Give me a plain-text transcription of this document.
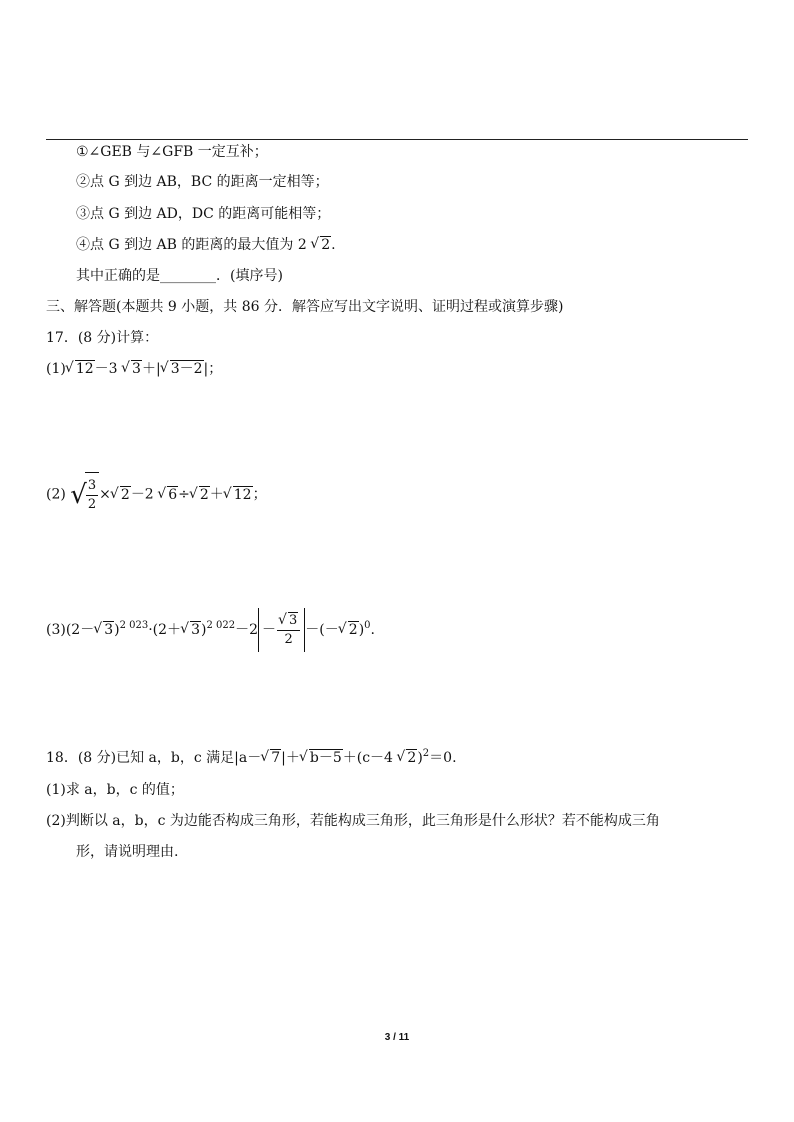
①∠GEB 与∠GFB 一定互补；
②点 G 到边 AB，BC 的距离一定相等；
③点 G 到边 AD，DC 的距离可能相等；
④点 G 到边 AB 的距离的最大值为 2 √ 2.
其中正确的是________．(填序号)
三、解答题(本题共 9 小题，共 86 分．解答应写出文字说明、证明过程或演算步骤)
17．(8 分)计算：
(1) √ 12－3 √ 3＋| √ 3－2|；
(2) √ $\frac{3}{2}$ × √ 2－2 √ 6÷ √ 2＋ √ 12；
(3)(2－ √ 3)$^{2 023}$·(2＋ √ 3)$^{2 022}$－2 － √ $\frac{3}{2}$ －(－ √ 2)$^0$.
18．(8 分)已知 a，b，c 满足|a－ √ 7|＋ √ b－5＋(c－4 √ 2)$^2$＝0.
(1)求 a，b，c 的值；
(2)判断以 a，b，c 为边能否构成三角形，若能构成三角形，此三角形是什么形状？若不能构成三角
形，请说明理由.
3 / 11
